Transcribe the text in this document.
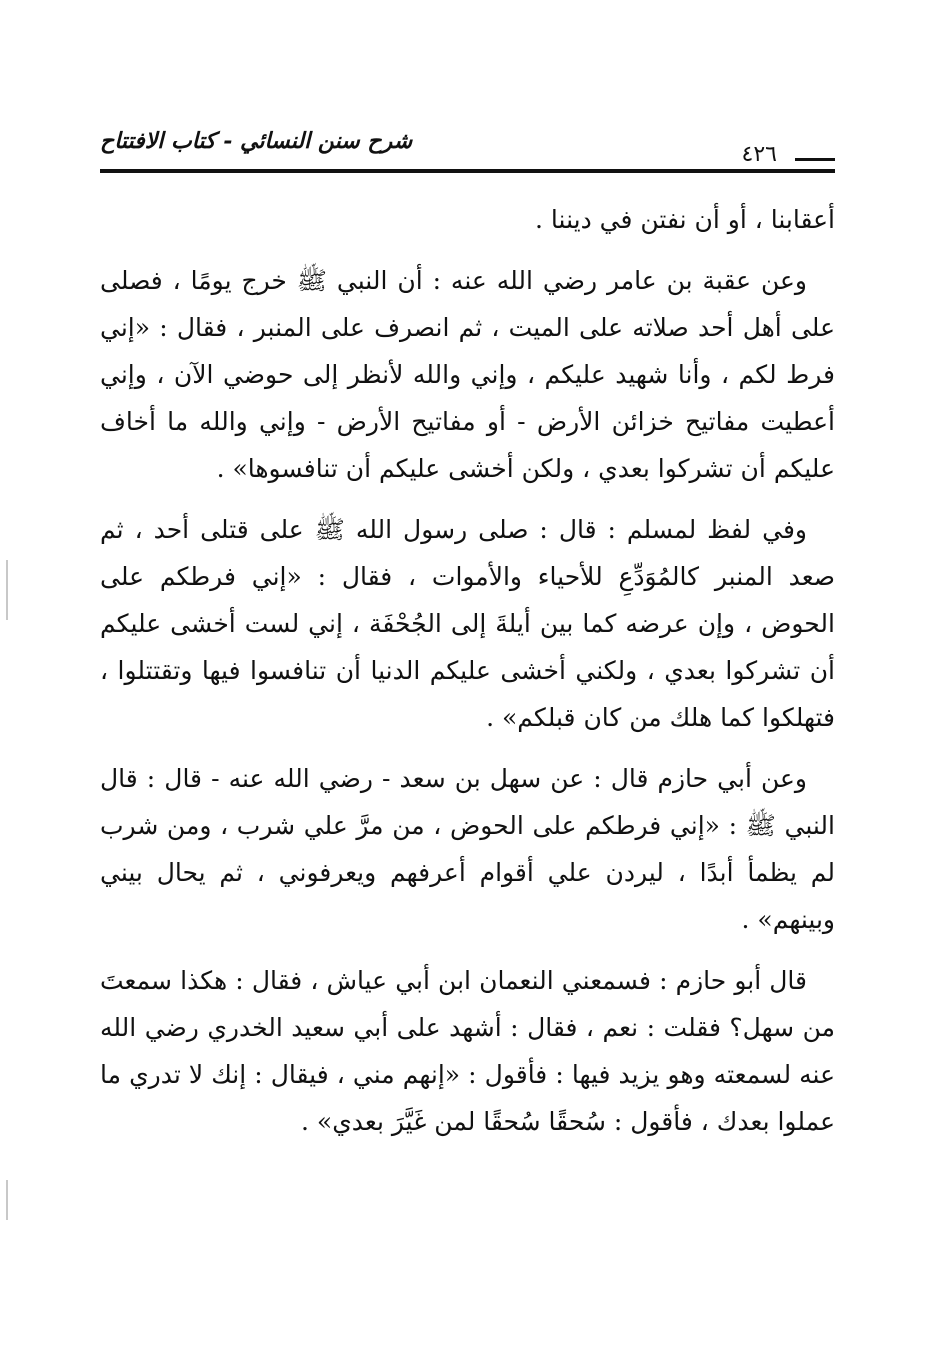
شرح سنن النسائي - كتاب الافتتاح
٤٢٦

أعقابنا ، أو أن نفتن في ديننا .

وعن عقبة بن عامر رضي الله عنه : أن النبي ﷺ خرج يومًا ، فصلى على أهل أحد صلاته على الميت ، ثم انصرف على المنبر ، فقال : «إني فرط لكم ، وأنا شهيد عليكم ، وإني والله لأنظر إلى حوضي الآن ، وإني أعطيت مفاتيح خزائن الأرض - أو مفاتيح الأرض - وإني والله ما أخاف عليكم أن تشركوا بعدي ، ولكن أخشى عليكم أن تنافسوها» .

وفي لفظ لمسلم : قال : صلى رسول الله ﷺ على قتلى أحد ، ثم صعد المنبر كالمُوَدِّعِ للأحياء والأموات ، فقال : «إني فرطكم على الحوض ، وإن عرضه كما بين أيلةَ إلى الجُحْفَة ، إني لست أخشى عليكم أن تشركوا بعدي ، ولكني أخشى عليكم الدنيا أن تنافسوا فيها وتقتتلوا ، فتهلكوا كما هلك من كان قبلكم» .

وعن أبي حازم قال : عن سهل بن سعد - رضي الله عنه - قال : قال النبي ﷺ : «إني فرطكم على الحوض ، من مرَّ علي شرب ، ومن شرب لم يظمأ أبدًا ، ليردن علي أقوام أعرفهم ويعرفوني ، ثم يحال بيني وبينهم» .

قال أبو حازم : فسمعني النعمان ابن أبي عياش ، فقال : هكذا سمعتَ من سهل؟ فقلت : نعم ، فقال : أشهد على أبي سعيد الخدري رضي الله عنه لسمعته وهو يزيد فيها : فأقول : «إنهم مني ، فيقال : إنك لا تدري ما عملوا بعدك ، فأقول : سُحقًا سُحقًا لمن غَيَّرَ بعدي» .
